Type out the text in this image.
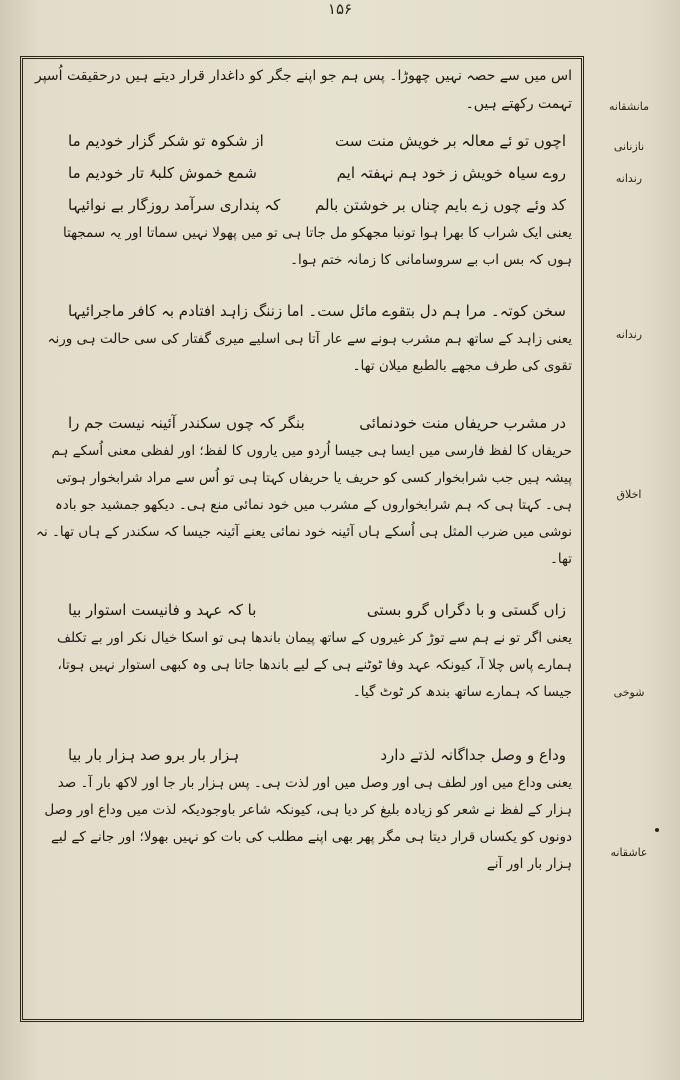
۱۵۶
مانشقانه
نازنانی
رندانه
رندانه
اخلاق
شوخی
عاشقانه

اس میں سے حصہ نہیں چھوڑا۔ پس ہم جو اپنے جگر کو داغدار قرار دیتے ہیں درحقیقت اُسپر تہمت رکھتے ہیں۔

اچوں تو ئے معالہ بر خویش منت ست
از شکوہ تو شکر گزار خودیم ما
روے سیاہ خویش ز خود ہم نہفتہ ایم
شمع خموش کلبۂ تار خودیم ما
کد وئے چوں زے بایم چناں بر خوشتن بالم
کہ پنداری سرآمد روزگار بے نوائیہا

یعنی ایک شراب کا بھرا ہوا تونبا مجھکو مل جاتا ہی تو میں پھولا نہیں سماتا اور یہ سمجھتا ہوں کہ بس اب بے سروسامانی کا زمانہ ختم ہوا۔

سخن کوتہ۔ مرا ہم دل بتقوے مائل ست۔ اما
زننگ زاہد افتادم بہ کافر ماجرائیہا

یعنی زاہد کے ساتھ ہم مشرب ہونے سے عار آتا ہی اسلیے میری گفتار کی سی حالت ہی ورنہ تقوی کی طرف مجھے بالطبع میلان تھا۔

در مشرب حریفاں منت خودنمائی
بنگر کہ چوں سکندر آئینہ نیست جم را

حریفاں کا لفظ فارسی میں ایسا ہی جیسا اُردو میں یاروں کا لفظ؛ اور لفظی معنی اُسکے ہم پیشہ ہیں جب شرابخوار کسی کو حریف یا حریفاں کہتا ہی تو اُس سے مراد شرابخوار ہوتی ہی۔ کہتا ہی کہ ہم شرابخواروں کے مشرب میں خود نمائی منع ہی۔ دیکھو جمشید جو بادہ نوشی میں ضرب المثل ہی اُسکے ہاں آئینہ خود نمائی یعنے آئینہ جیسا کہ سکندر کے ہاں تھا۔ نہ تھا۔

زاں گستی و با دگراں گرو بستی
با کہ عہد و فانیست استوار بیا

یعنی اگر تو نے ہم سے توڑ کر غیروں کے ساتھ پیمان باندھا ہی تو اسکا خیال نکر اور بے تکلف ہمارے پاس چلا آ، کیونکہ عہد وفا ٹوٹنے ہی کے لیے باندھا جاتا ہی وہ کبھی استوار نہیں ہوتا، جیسا کہ ہمارے ساتھ بندھ کر ٹوٹ گیا۔

وداع و وصل جداگانہ لذتے دارد
ہزار بار برو صد ہزار بار بیا

یعنی وداع میں اور لطف ہی اور وصل میں اور لذت ہی۔ پس ہزار بار جا اور لاکھ بار آ۔ صد ہزار کے لفظ نے شعر کو زیادہ بلیغ کر دیا ہی، کیونکہ شاعر باوجودیکہ لذت میں وداع اور وصل دونوں کو یکساں قرار دیتا ہی مگر پھر بھی اپنے مطلب کی بات کو نہیں بھولا؛ اور جانے کے لیے ہزار بار اور آنے
